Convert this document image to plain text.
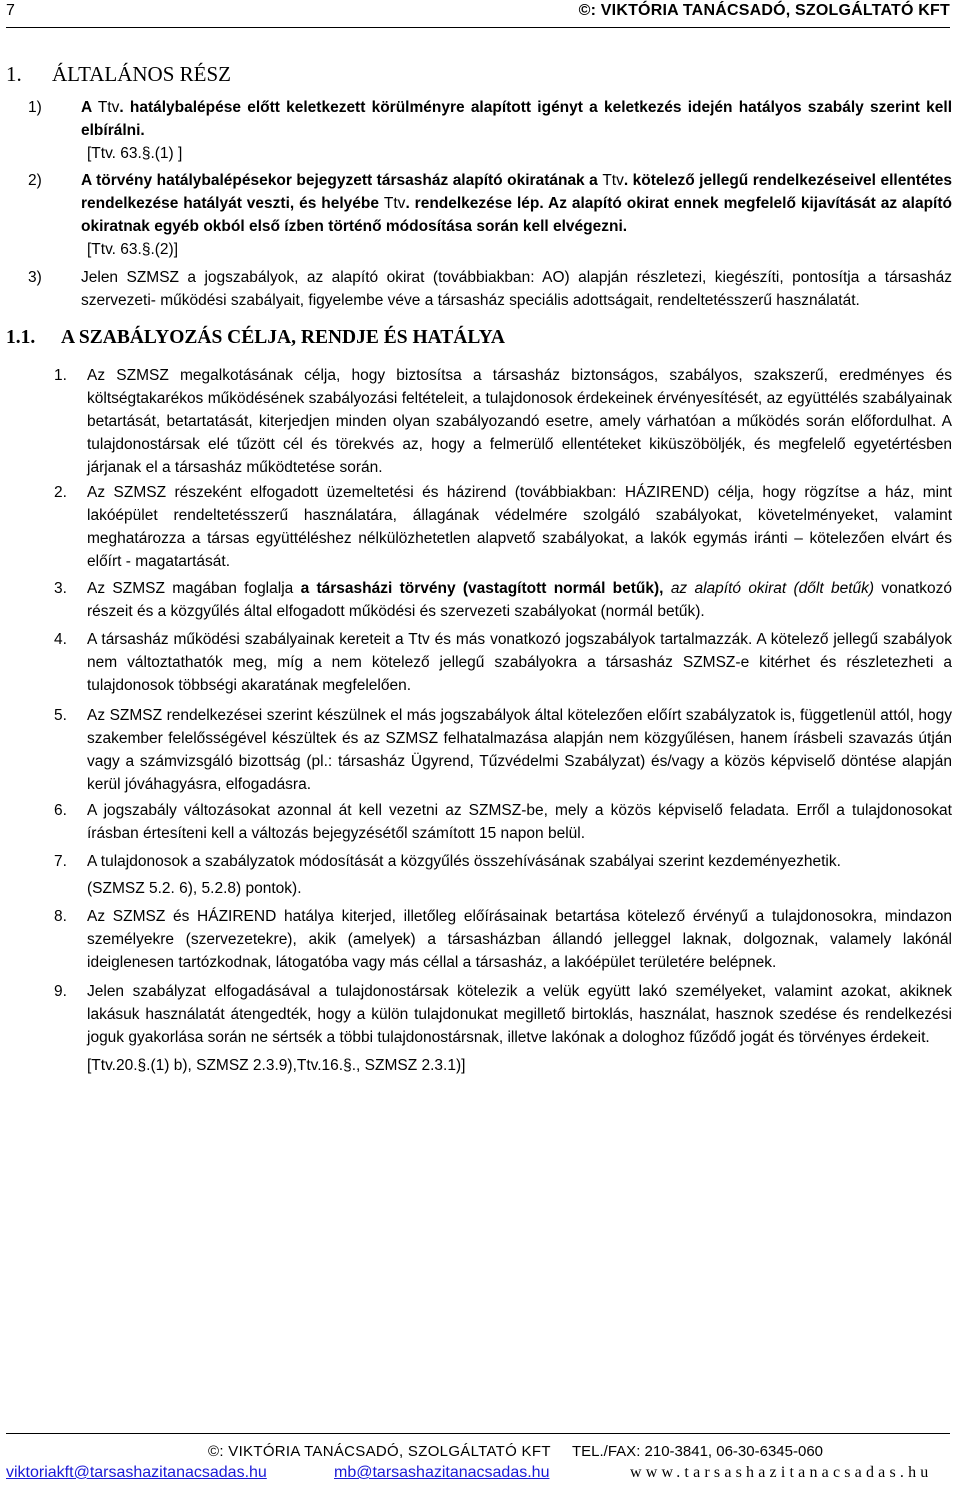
7	©: VIKTÓRIA TANÁCSADÓ, SZOLGÁLTATÓ KFT
1. ÁLTALÁNOS RÉSZ
1)	A Ttv. hatálybalépése előtt keletkezett körülményre alapított igényt a keletkezés idején hatályos szabály szerint kell elbírálni.
[Ttv. 63.§.(1) ]
2)	A törvény hatálybalépésekor bejegyzett társasház alapító okiratának a Ttv. kötelező jellegű rendelkezéseivel ellentétes rendelkezése hatályát veszti, és helyébe Ttv. rendelkezése lép. Az alapító okirat ennek megfelelő kijavítását az alapító okiratnak egyéb okból első ízben történő módosítása során kell elvégezni.
[Ttv. 63.§.(2)]
3)	Jelen SZMSZ a jogszabályok, az alapító okirat (továbbiakban: AO) alapján részletezi, kiegészíti, pontosítja a társasház szervezeti- működési szabályait, figyelembe véve a társasház speciális adottságait, rendeltetésszerű használatát.
1.1. A SZABÁLYOZÁS CÉLJA, RENDJE ÉS HATÁLYA
1. Az SZMSZ megalkotásának célja, hogy biztosítsa a társasház biztonságos, szabályos, szakszerű, eredményes és költségtakarékos működésének szabályozási feltételeit, a tulajdonosok érdekeinek érvényesítését, az együttélés szabályainak betartását, betartatását, kiterjedjen minden olyan szabályozandó esetre, amely várhatóan a működés során előfordulhat. A tulajdonostársak elé tűzött cél és törekvés az, hogy a felmerülő ellentéteket kiküszöböljék, és megfelelő egyetértésben járjanak el a társasház működtetése során.
2. Az SZMSZ részeként elfogadott üzemeltetési és házirend (továbbiakban: HÁZIREND) célja, hogy rögzítse a ház, mint lakóépület rendeltetésszerű használatára, állagának védelmére szolgáló szabályokat, követelményeket, valamint meghatározza a társas együttéléshez nélkülözhetetlen alapvető szabályokat, a lakók egymás iránti – kötelezően elvárt és előírt - magatartását.
3. Az SZMSZ magában foglalja a társasházi törvény (vastagított normál betűk), az alapító okirat (dőlt betűk) vonatkozó részeit és a közgyűlés által elfogadott működési és szervezeti szabályokat (normál betűk).
4. A társasház működési szabályainak kereteit a Ttv és más vonatkozó jogszabályok tartalmazzák. A kötelező jellegű szabályok nem változtathatók meg, míg a nem kötelező jellegű szabályokra a társasház SZMSZ-e kitérhet és részletezheti a tulajdonosok többségi akaratának megfelelően.
5. Az SZMSZ rendelkezései szerint készülnek el más jogszabályok által kötelezően előírt szabályzatok is, függetlenül attól, hogy szakember felelősségével készültek és az SZMSZ felhatalmazása alapján nem közgyűlésen, hanem írásbeli szavazás útján vagy a számvizsgáló bizottság (pl.: társasház Ügyrend, Tűzvédelmi Szabályzat) és/vagy a közös képviselő döntése alapján kerül jóváhagyásra, elfogadásra.
6. A jogszabály változásokat azonnal át kell vezetni az SZMSZ-be, mely a közös képviselő feladata. Erről a tulajdonosokat írásban értesíteni kell a változás bejegyzésétől számított 15 napon belül.
7. A tulajdonosok a szabályzatok módosítását a közgyűlés összehívásának szabályai szerint kezdeményezhetik.
(SZMSZ 5.2. 6), 5.2.8) pontok).
8. Az SZMSZ és HÁZIREND hatálya kiterjed, illetőleg előírásainak betartása kötelező érvényű a tulajdonosokra, mindazon személyekre (szervezetekre), akik (amelyek) a társasházban állandó jelleggel laknak, dolgoznak, valamely lakónál ideiglenesen tartózkodnak, látogatóba vagy más céllal a társasház, a lakóépület területére belépnek.
9. Jelen szabályzat elfogadásával a tulajdonostársak kötelezik a velük együtt lakó személyeket, valamint azokat, akiknek lakásuk használatát átengedték, hogy a külön tulajdonukat megillető birtoklás, használat, hasznok szedése és rendelkezési joguk gyakorlása során ne sértsék a többi tulajdonostársnak, illetve lakónak a dologhoz fűződő jogát és törvényes érdekeit.
[Ttv.20.§.(1) b), SZMSZ 2.3.9),Ttv.16.§., SZMSZ 2.3.1)]
©: VIKTÓRIA TANÁCSADÓ, SZOLGÁLTATÓ KFT TEL./FAX: 210-3841, 06-30-6345-060
viktoriakft@tarsashazitanacsadas.hu	mb@tarsashazitanacsadas.hu	www.tarsashazitanacsadas.hu
